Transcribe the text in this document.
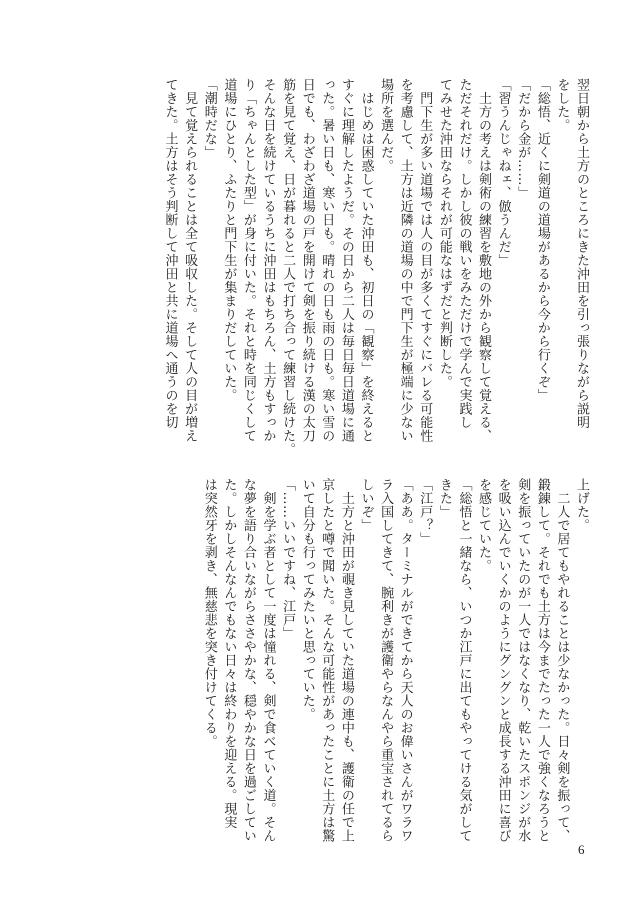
翌日朝から土方のところにきた沖田を引っ張りながら説明

をした。

「総悟、近くに剣道の道場があるから今から行くぞ」

「だから金が……」

「習うんじゃねェ、倣うんだ」

　土方の考えは剣術の練習を敷地の外から観察して覚える、

ただそれだけ。しかし彼の戦いをみただけで学んで実践し

てみせた沖田ならそれが可能なはずだと判断した。

　門下生が多い道場では人の目が多くてすぐにバレる可能性

を考慮して、土方は近隣の道場の中で門下生が極端に少ない

場所を選んだ。

　はじめは困惑していた沖田も、初日の「観察」を終えると

すぐに理解したようだ。その日から二人は毎日毎日道場に通

った。暑い日も、寒い日も。晴れの日も雨の日も。寒い雪の

日でも、わざわざ道場の戸を開けて剣を振り続ける漢の太刀

筋を見て覚え、日が暮れると二人で打ち合って練習し続けた。

そんな日を続けているうちに沖田はもちろん、土方もすっか

り「ちゃんとした型」が身に付いた。それと時を同じくして

道場にひとり、ふたりと門下生が集まりだしていた。

「潮時だな」

　見て覚えられることは全て吸収した。そして人の目が増え

てきた。土方はそう判断して沖田と共に道場へ通うのを切

上げた。

　二人で居てもやれることは少なかった。日々剣を振って、

鍛錬して。それでも土方は今までたった一人で強くなろうと

剣を振っていたのが一人ではなくなり、乾いたスポンジが水

を吸い込んでいくかのようにグングンと成長する沖田に喜び

を感じていた。

「総悟と一緒なら、いつか江戸に出てもやってける気がして

きた」

「江戸？」

「ああ。ターミナルができてから天人のお偉いさんがワラワ

ラ入国してきて、腕利きが護衛やらなんやら重宝されてるら

しいぞ」

　土方と沖田が覗き見していた道場の連中も、護衛の任で上

京したと噂で聞いた。そんな可能性があったことに土方は驚

いて自分も行ってみたいと思っていた。

「……いいですね、江戸」

　剣を学ぶ者として一度は憧れる、剣で食べていく道。そん

な夢を語り合いながらささやかな、穏やかな日を過ごしてい

た。しかしそんなんでもない日々は終わりを迎える。現実

は突然牙を剥き、無慈悲を突き付けてくる。

6
